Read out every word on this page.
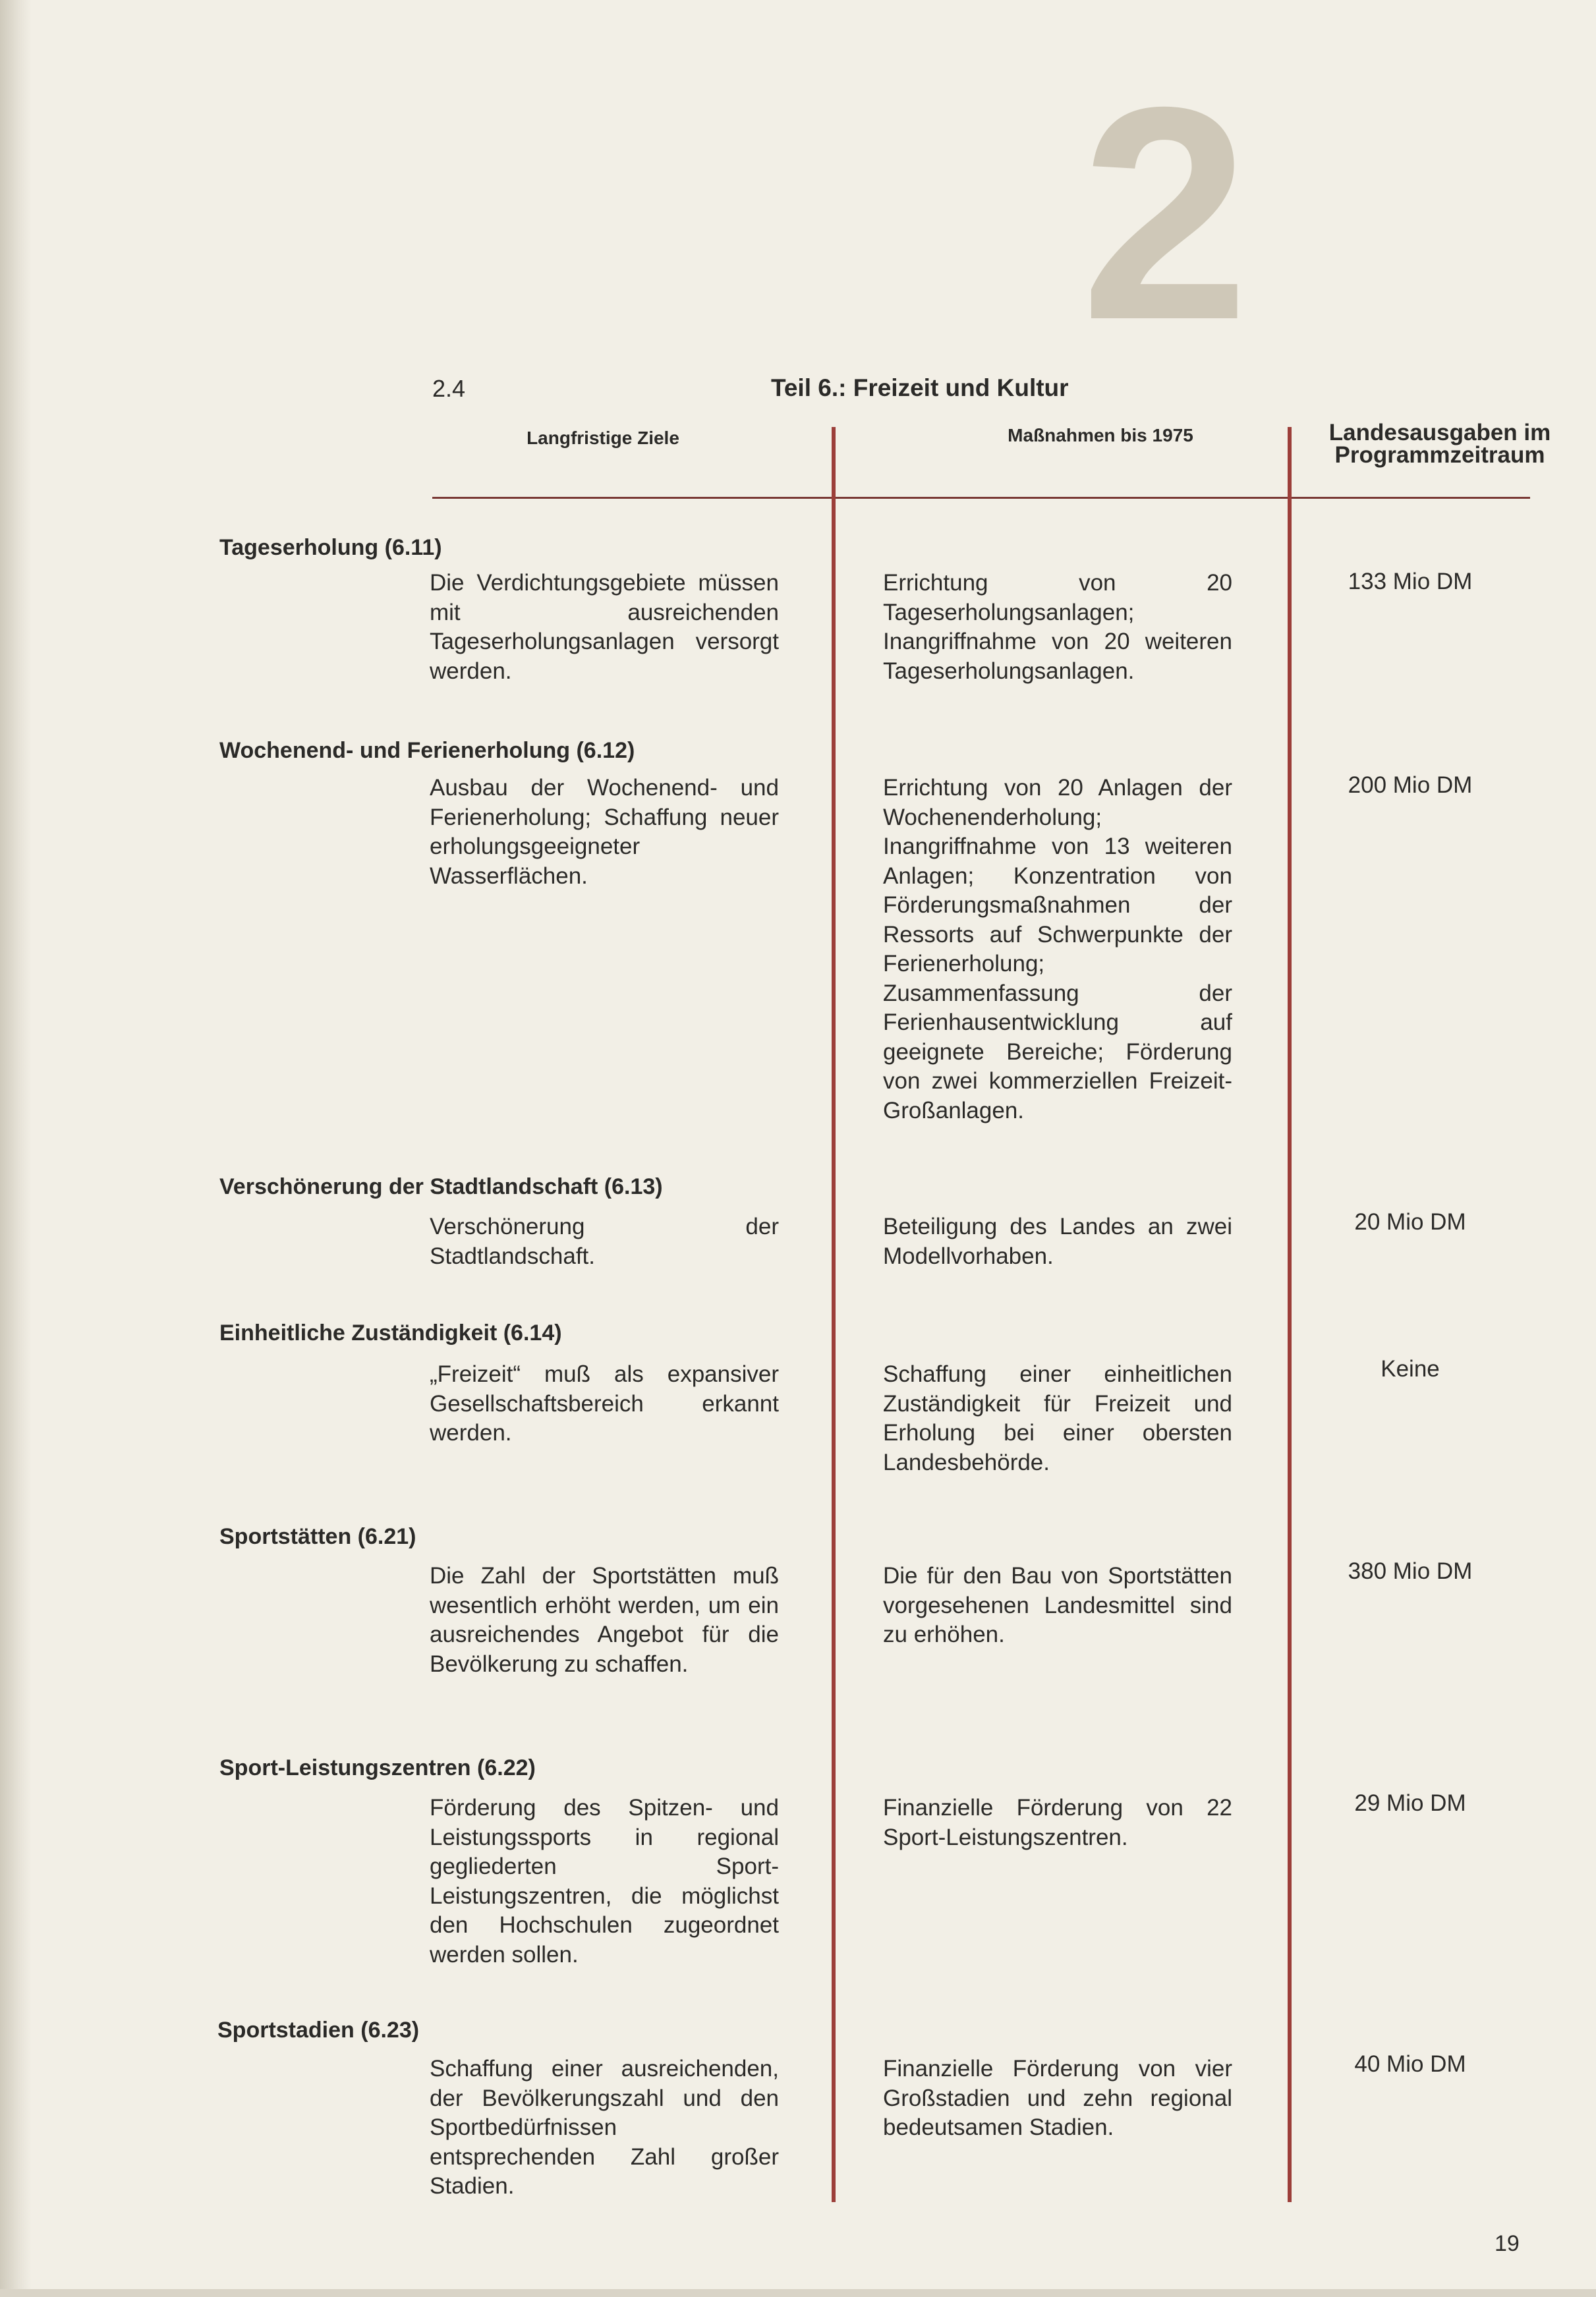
2
2.4	Teil 6.: Freizeit und Kultur
Langfristige Ziele	Maßnahmen bis 1975	Landesausgaben im
Programmzeitraum
Tageserholung (6.11)
Die Verdichtungsgebiete müssen mit ausreichenden Tageserholungsanlagen versorgt werden.
Errichtung von 20 Tageserholungsanlagen; Inangriffnahme von 20 weiteren Tageserholungsanlagen.
133 Mio DM
Wochenend- und Ferienerholung (6.12)
Ausbau der Wochenend- und Ferienerholung; Schaffung neuer erholungsgeeigneter Wasserflächen.
Errichtung von 20 Anlagen der Wochenenderholung; Inangriffnahme von 13 weiteren Anlagen; Konzentration von Förderungsmaßnahmen der Ressorts auf Schwerpunkte der Ferienerholung; Zusammenfassung der Ferienhausentwicklung auf geeignete Bereiche; Förderung von zwei kommerziellen Freizeit-Großanlagen.
200 Mio DM
Verschönerung der Stadtlandschaft (6.13)
Verschönerung der Stadtlandschaft.
Beteiligung des Landes an zwei Modellvorhaben.
20 Mio DM
Einheitliche Zuständigkeit (6.14)
„Freizeit“ muß als expansiver Gesellschaftsbereich erkannt werden.
Schaffung einer einheitlichen Zuständigkeit für Freizeit und Erholung bei einer obersten Landesbehörde.
Keine
Sportstätten (6.21)
Die Zahl der Sportstätten muß wesentlich erhöht werden, um ein ausreichendes Angebot für die Bevölkerung zu schaffen.
Die für den Bau von Sportstätten vorgesehenen Landesmittel sind zu erhöhen.
380 Mio DM
Sport-Leistungszentren (6.22)
Förderung des Spitzen- und Leistungssports in regional gegliederten Sport-Leistungszentren, die möglichst den Hochschulen zugeordnet werden sollen.
Finanzielle Förderung von 22 Sport-Leistungszentren.
29 Mio DM
Sportstadien (6.23)
Schaffung einer ausreichenden, der Bevölkerungszahl und den Sportbedürfnissen entsprechenden Zahl großer Stadien.
Finanzielle Förderung von vier Großstadien und zehn regional bedeutsamen Stadien.
40 Mio DM
19
